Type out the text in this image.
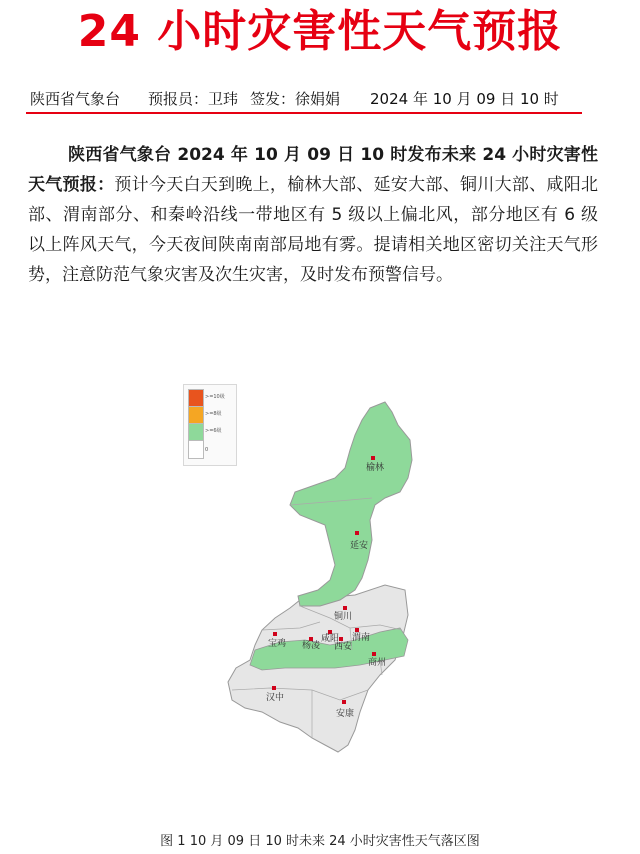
24 小时灾害性天气预报
陕西省气象台	预报员： 卫玮 签发：徐娟娟	2024 年 10 月 09 日 10 时
陕西省气象台 2024 年 10 月 09 日 10 时发布未来 24 小时灾害性天气预报：预计今天白天到晚上，榆林大部、延安大部、铜川大部、咸阳北部、渭南部分、和秦岭沿线一带地区有 5 级以上偏北风，部分地区有 6 级以上阵风天气，今天夜间陕南南部局地有雾。提请相关地区密切关注天气形势，注意防范气象灾害及次生灾害，及时发布预警信号。
>=10级
>=8级
>=6级
0
榆林
延安
铜川
宝鸡	咸阳
杨凌 西安
渭南
商州
汉中
安康
图 1 10 月 09 日 10 时未来 24 小时灾害性天气落区图
